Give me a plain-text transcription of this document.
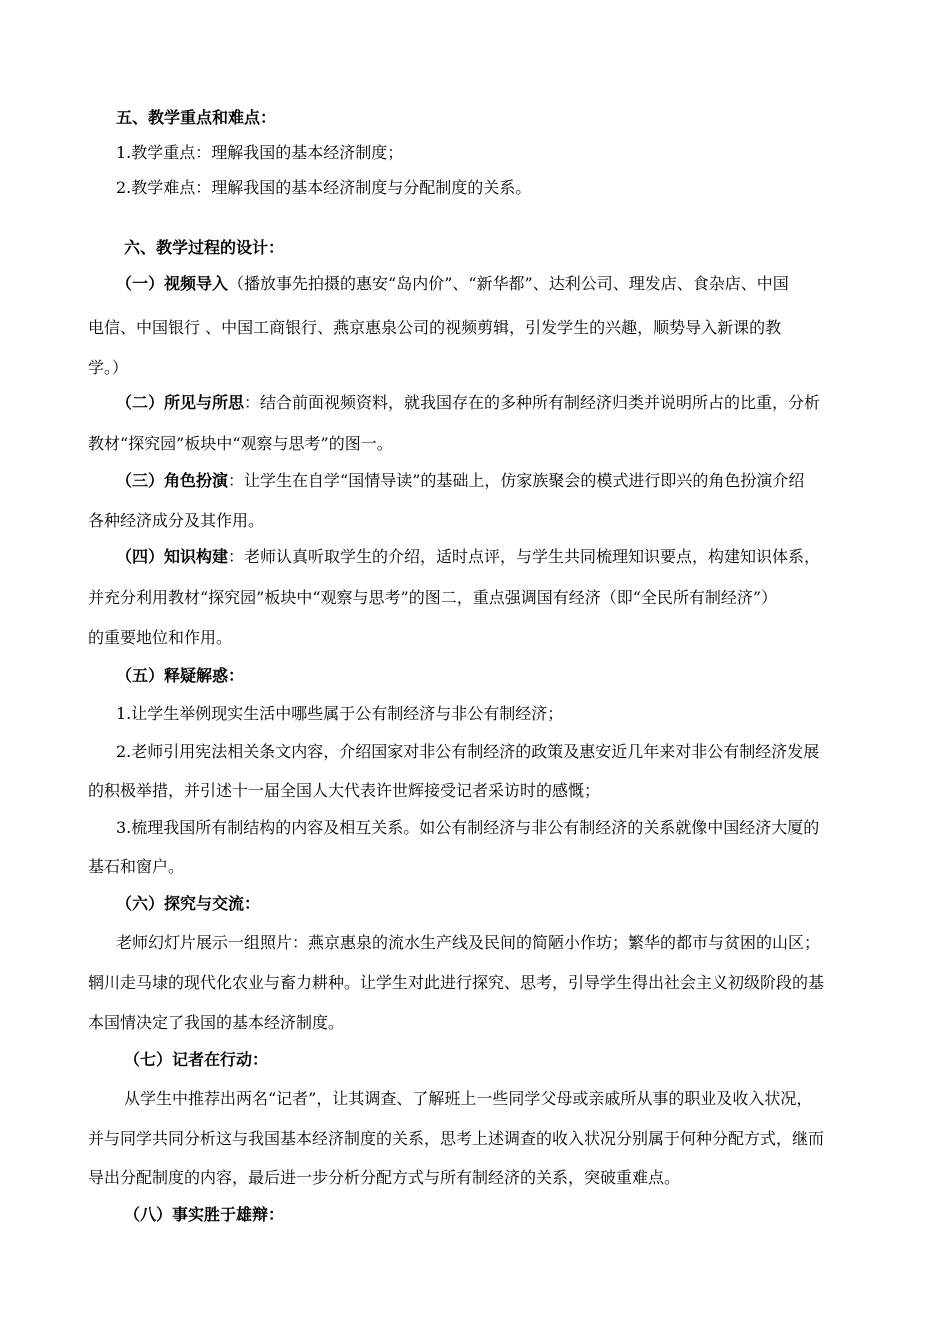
五、教学重点和难点：
1.教学重点：理解我国的基本经济制度；
2.教学难点：理解我国的基本经济制度与分配制度的关系。
六、教学过程的设计：
（一）视频导入（播放事先拍摄的惠安“岛内价”、“新华都”、达利公司、理发店、食杂店、中国
电信、中国银行 、中国工商银行、燕京惠泉公司的视频剪辑，引发学生的兴趣，顺势导入新课的教
学。）
（二）所见与所思：结合前面视频资料，就我国存在的多种所有制经济归类并说明所占的比重，分析
教材“探究园”板块中“观察与思考”的图一。
（三）角色扮演：让学生在自学“国情导读”的基础上，仿家族聚会的模式进行即兴的角色扮演介绍
各种经济成分及其作用。
（四）知识构建：老师认真听取学生的介绍，适时点评，与学生共同梳理知识要点，构建知识体系，
并充分利用教材“探究园”板块中“观察与思考”的图二，重点强调国有经济（即“全民所有制经济”）
的重要地位和作用。
（五）释疑解惑：
1.让学生举例现实生活中哪些属于公有制经济与非公有制经济；
2.老师引用宪法相关条文内容，介绍国家对非公有制经济的政策及惠安近几年来对非公有制经济发展
的积极举措，并引述十一届全国人大代表许世辉接受记者采访时的感慨；
3.梳理我国所有制结构的内容及相互关系。如公有制经济与非公有制经济的关系就像中国经济大厦的
基石和窗户。
（六）探究与交流：
老师幻灯片展示一组照片：燕京惠泉的流水生产线及民间的简陋小作坊；繁华的都市与贫困的山区；
辋川走马埭的现代化农业与畜力耕种。让学生对此进行探究、思考，引导学生得出社会主义初级阶段的基
本国情决定了我国的基本经济制度。
（七）记者在行动：
从学生中推荐出两名“记者”，让其调查、了解班上一些同学父母或亲戚所从事的职业及收入状况，
并与同学共同分析这与我国基本经济制度的关系，思考上述调查的收入状况分别属于何种分配方式，继而
导出分配制度的内容，最后进一步分析分配方式与所有制经济的关系，突破重难点。
（八）事实胜于雄辩：
